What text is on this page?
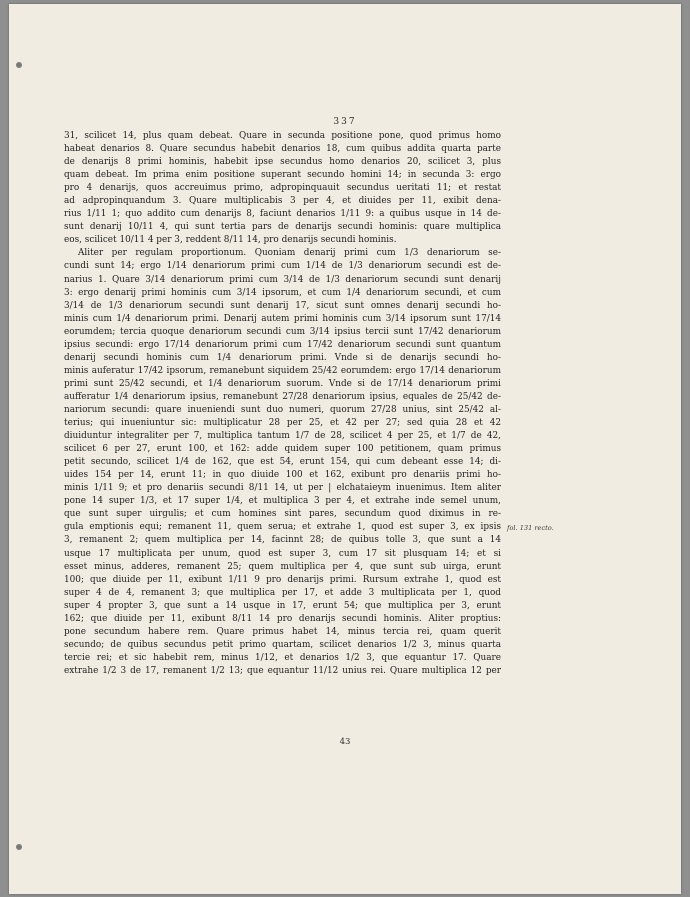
337
31, scilicet 14, plus quam debeat. Quare in secunda positione pone, quod primus homo
habeat denarios 8. Quare secundus habebit denarios 18, cum quibus addita quarta parte
de denarijs 8 primi hominis, habebit ipse secundus homo denarios 20, scilicet 3, plus
quam debeat. Im prima enim positione superant secundo homini 14; in secunda 3: ergo
pro 4 denarijs, quos accreuimus primo, adpropinquauit secundus ueritati 11; et restat
ad adpropinquandum 3. Quare multiplicabis 3 per 4, et diuides per 11, exibit dena-
rius 1/11 1; quo addito cum denarijs 8, faciunt denarios 1/11 9: a quibus usque in 14 de-
sunt denarij 10/11 4, qui sunt tertia pars de denarijs secundi hominis: quare multiplica
eos, scilicet 10/11 4 per 3, reddent 8/11 14, pro denarijs secundi hominis.
Aliter per regulam proportionum. Quoniam denarij primi cum 1/3 denariorum se-
cundi sunt 14; ergo 1/14 denariorum primi cum 1/14 de 1/3 denariorum secundi est de-
narius 1. Quare 3/14 denariorum primi cum 3/14 de 1/3 denariorum secundi sunt denarij
3: ergo denarij primi hominis cum 3/14 ipsorum, et cum 1/4 denariorum secundi, et cum
3/14 de 1/3 denariorum secundi sunt denarij 17, sicut sunt omnes denarij secundi ho-
minis cum 1/4 denariorum primi. Denarij autem primi hominis cum 3/14 ipsorum sunt 17/14
eorumdem; tercia quoque denariorum secundi cum 3/14 ipsius tercii sunt 17/42 denariorum
ipsius secundi: ergo 17/14 denariorum primi cum 17/42 denariorum secundi sunt quantum
denarij secundi hominis cum 1/4 denariorum primi. Vnde si de denarijs secundi ho-
minis auferatur 17/42 ipsorum, remanebunt siquidem 25/42 eorumdem: ergo 17/14 denariorum
primi sunt 25/42 secundi, et 1/4 denariorum suorum. Vnde si de 17/14 denariorum primi
aufferatur 1/4 denariorum ipsius, remanebunt 27/28 denariorum ipsius, equales de 25/42 de-
nariorum secundi: quare inueniendi sunt duo numeri, quorum 27/28 unius, sint 25/42 al-
terius; qui inueniuntur sic: multiplicatur 28 per 25, et 42 per 27; sed quia 28 et 42
diuiduntur integraliter per 7, multiplica tantum 1/7 de 28, scilicet 4 per 25, et 1/7 de 42,
scilicet 6 per 27, erunt 100, et 162: adde quidem super 100 petitionem, quam primus
petit secundo, scilicet 1/4 de 162, que est 54, erunt 154, qui cum debeant esse 14; di-
uides 154 per 14, erunt 11; in quo diuide 100 et 162, exibunt pro denariis primi ho-
minis 1/11 9; et pro denariis secundi 8/11 14, ut per | elchataieym inuenimus. Item aliter
pone 14 super 1/3, et 17 super 1/4, et multiplica 3 per 4, et extrahe inde semel unum,
que sunt super uirgulis; et cum homines sint pares, secundum quod diximus in re-
gula emptionis equi; remanent 11, quem serua; et extrahe 1, quod est super 3, ex ipsis
3, remanent 2; quem multiplica per 14, facinnt 28; de quibus tolle 3, que sunt a 14
usque 17 multiplicata per unum, quod est super 3, cum 17 sit plusquam 14; et si
esset minus, adderes, remanent 25; quem multiplica per 4, que sunt sub uirga, erunt
100; que diuide per 11, exibunt 1/11 9 pro denarijs primi. Rursum extrahe 1, quod est
super 4 de 4, remanent 3; que multiplica per 17, et adde 3 multiplicata per 1, quod
super 4 propter 3, que sunt a 14 usque in 17, erunt 54; que multiplica per 3, erunt
162; que diuide per 11, exibunt 8/11 14 pro denarijs secundi hominis. Aliter proptius:
pone secundum habere rem. Quare primus habet 14, minus tercia rei, quam querit
secundo; de quibus secundus petit primo quartam, scilicet denarios 1/2 3, minus quarta
tercie rei; et sic habebit rem, minus 1/12, et denarios 1/2 3, que equantur 17. Quare
extrahe 1/2 3 de 17, remanent 1/2 13; que equantur 11/12 unius rei. Quare multiplica 12 per
fol. 131 recto.
43
